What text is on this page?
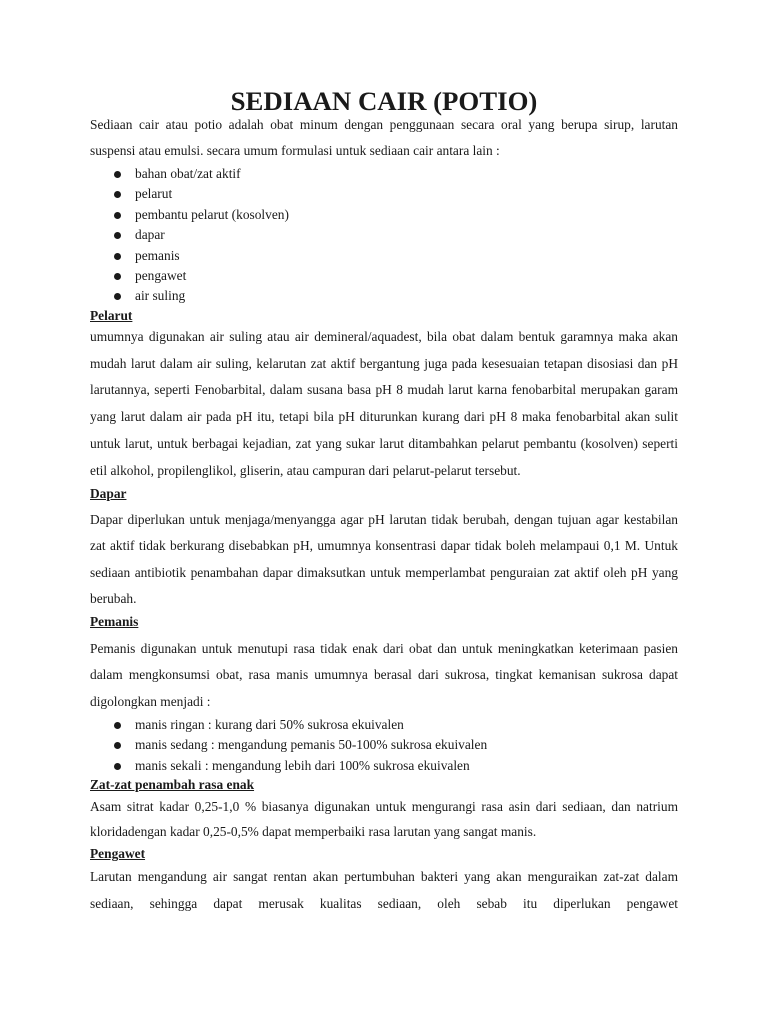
SEDIAAN CAIR (POTIO)

Sediaan cair atau potio adalah obat minum dengan penggunaan secara oral yang berupa sirup, larutan suspensi atau emulsi. secara umum formulasi untuk sediaan cair antara lain :

bahan obat/zat aktif
pelarut
pembantu pelarut (kosolven)
dapar
pemanis
pengawet
air suling
Pelarut

umumnya digunakan air suling atau air demineral/aquadest, bila obat dalam bentuk garamnya maka akan mudah larut dalam air suling, kelarutan zat aktif bergantung juga pada kesesuaian tetapan disosiasi dan pH larutannya, seperti Fenobarbital, dalam susana basa pH 8 mudah larut karna fenobarbital merupakan garam yang larut dalam air pada pH itu, tetapi bila pH diturunkan kurang dari pH 8 maka fenobarbital akan sulit untuk larut, untuk berbagai kejadian, zat yang sukar larut ditambahkan pelarut pembantu (kosolven) seperti etil alkohol, propilenglikol, gliserin, atau campuran dari pelarut-pelarut tersebut.

Dapar

Dapar diperlukan untuk menjaga/menyangga agar pH larutan tidak berubah, dengan tujuan agar kestabilan zat aktif tidak berkurang disebabkan pH, umumnya konsentrasi dapar tidak boleh melampaui 0,1 M. Untuk sediaan antibiotik penambahan dapar dimaksutkan untuk memperlambat penguraian zat aktif oleh pH yang berubah.

Pemanis

Pemanis digunakan untuk menutupi rasa tidak enak dari obat dan untuk meningkatkan keterimaan pasien dalam mengkonsumsi obat, rasa manis umumnya berasal dari sukrosa, tingkat kemanisan sukrosa dapat digolongkan menjadi :

manis ringan : kurang dari 50% sukrosa ekuivalen
manis sedang : mengandung pemanis 50-100% sukrosa ekuivalen
manis sekali : mengandung lebih dari 100% sukrosa ekuivalen
Zat-zat penambah rasa enak

Asam sitrat kadar 0,25-1,0 % biasanya digunakan untuk mengurangi rasa asin dari sediaan, dan natrium kloridadengan kadar 0,25-0,5% dapat memperbaiki rasa larutan yang sangat manis.

Pengawet

Larutan mengandung air sangat rentan akan pertumbuhan bakteri yang akan menguraikan zat-zat dalam sediaan, sehingga dapat merusak kualitas sediaan, oleh sebab itu diperlukan pengawet
